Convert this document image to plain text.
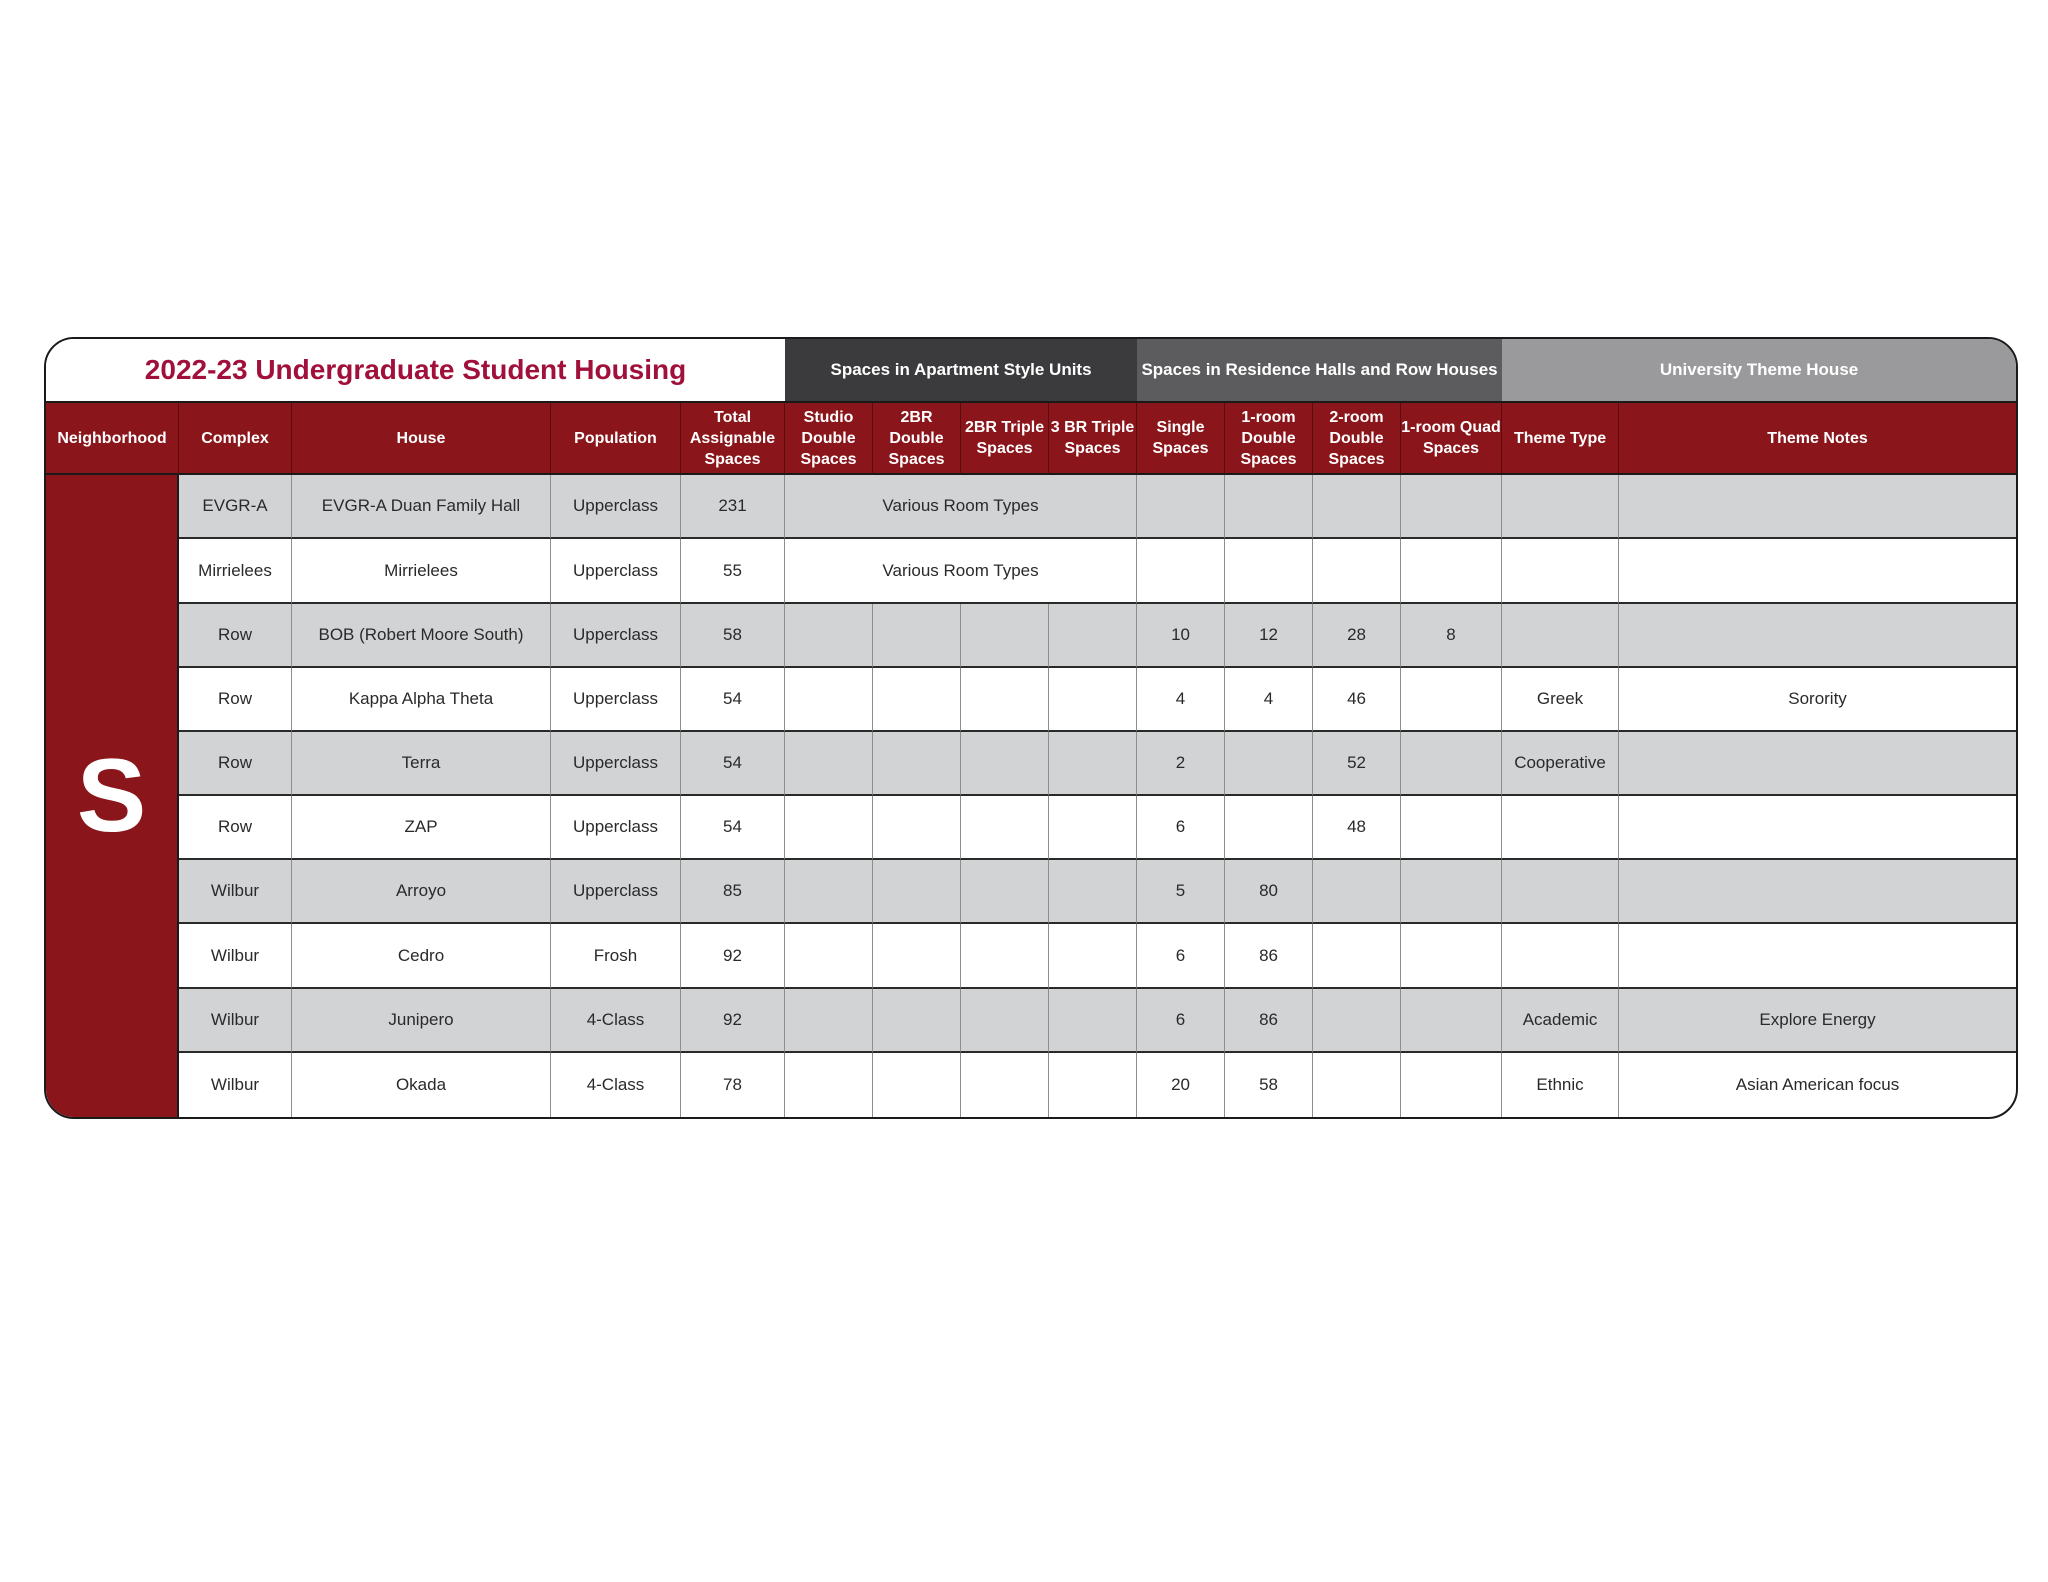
2022-23 Undergraduate Student Housing					Spaces in Apartment Style Units				Spaces in Residence Halls and Row Houses				University Theme House	
Neighborhood	Complex	House	Population	Total Assignable Spaces	Studio Double Spaces	2BR Double Spaces	2BR Triple Spaces	3 BR Triple Spaces	Single Spaces	1-room Double Spaces	2-room Double Spaces	1-room Quad Spaces	Theme Type	Theme Notes
S	EVGR-A	EVGR-A Duan Family Hall	Upperclass	231	Various Room Types									
	Mirrielees	Mirrielees	Upperclass	55	Various Room Types									
	Row	BOB (Robert Moore South)	Upperclass	58					10	12	28	8		
	Row	Kappa Alpha Theta	Upperclass	54					4	4	46		Greek	Sorority
	Row	Terra	Upperclass	54					2		52		Cooperative	
	Row	ZAP	Upperclass	54					6		48			
	Wilbur	Arroyo	Upperclass	85					5	80				
	Wilbur	Cedro	Frosh	92					6	86				
	Wilbur	Junipero	4-Class	92					6	86			Academic	Explore Energy
	Wilbur	Okada	4-Class	78					20	58			Ethnic	Asian American focus
